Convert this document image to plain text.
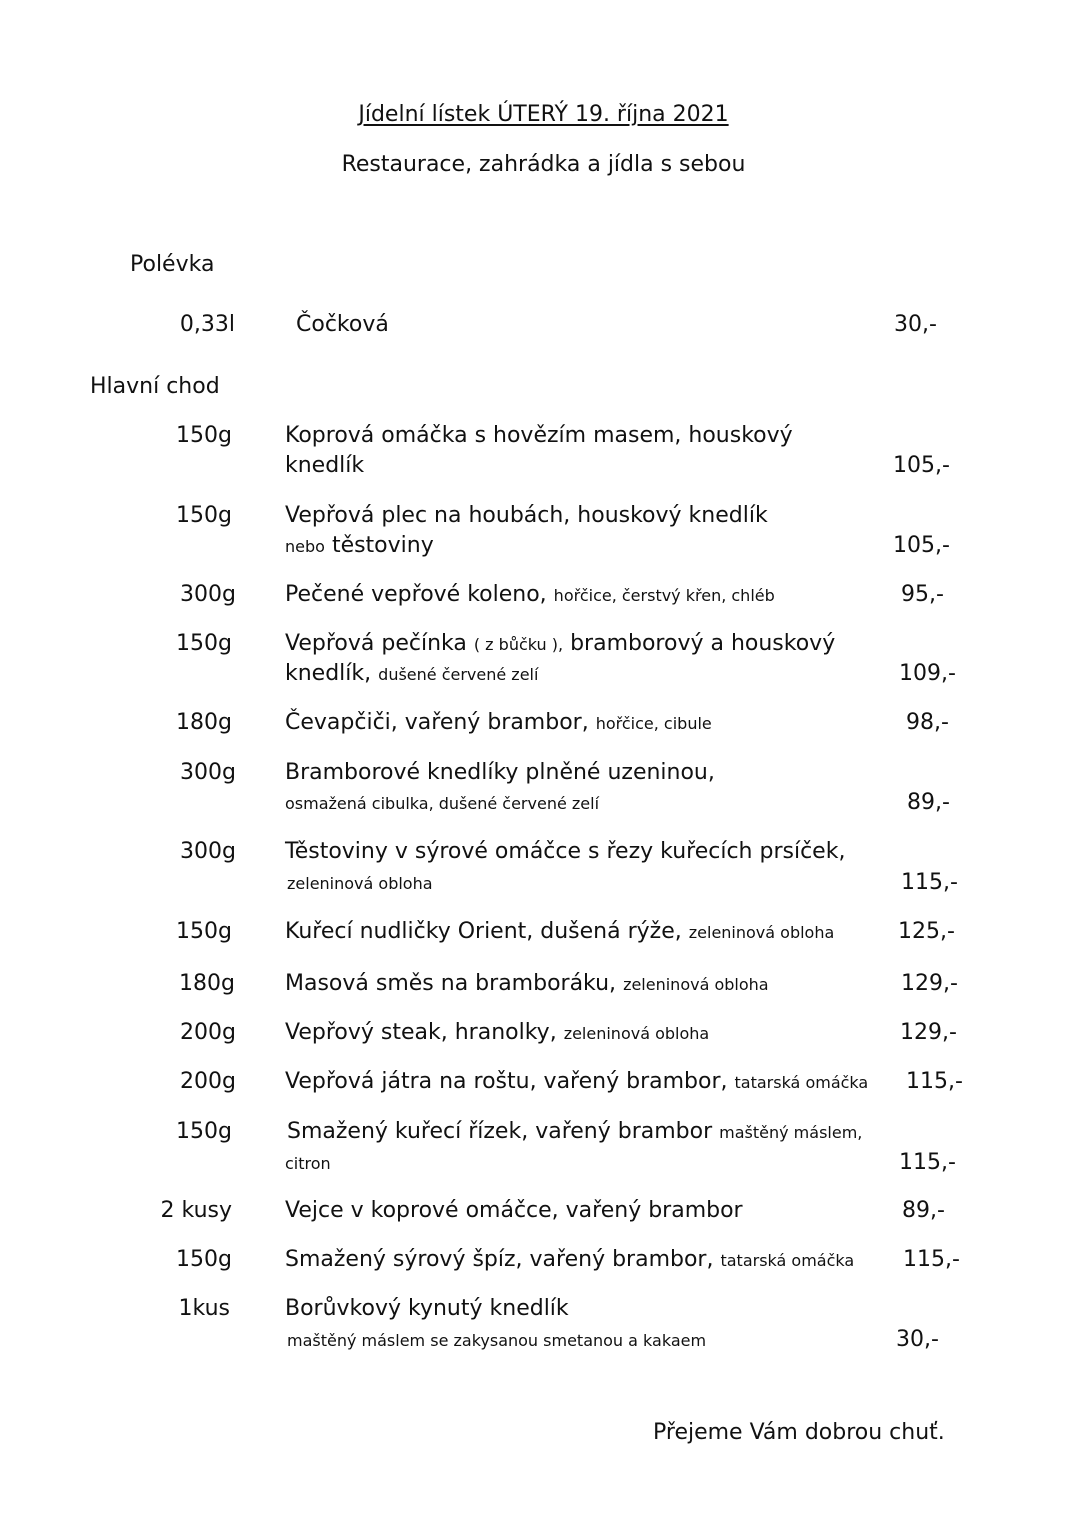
Jídelní lístek ÚTERÝ 19. října 2021
Restaurace, zahrádka a jídla s sebou
Polévka
0,33l	Čočková	30,-
Hlavní chod
150g Koprová omáčka s hovězím masem, houskový
knedlík	105,-
150g Vepřová plec na houbách, houskový knedlík
nebo těstoviny	105,-
300g Pečené vepřové koleno, hořčice, čerstvý křen, chléb	95,-
150g Vepřová pečínka ( z bůčku ), bramborový a houskový
knedlík, dušené červené zelí	109,-
180g Čevapčiči, vařený brambor, hořčice, cibule	98,-
300g Bramborové knedlíky plněné uzeninou,
osmažená cibulka, dušené červené zelí	89,-
300g Těstoviny v sýrové omáčce s řezy kuřecích prsíček,
zeleninová obloha	115,-
150g Kuřecí nudličky Orient, dušená rýže, zeleninová obloha	125,-
180g Masová směs na bramboráku, zeleninová obloha	129,-
200g Vepřový steak, hranolky, zeleninová obloha	129,-
200g Vepřová játra na roštu, vařený brambor, tatarská omáčka 115,-
150g	Smažený kuřecí řízek, vařený brambor maštěný máslem,
citron	115,-
2 kusy Vejce v koprové omáčce, vařený brambor	89,-
150g Smažený sýrový špíz, vařený brambor, tatarská omáčka 115,-
1kus	Borůvkový kynutý knedlík
maštěný máslem se zakysanou smetanou a kakaem	30,-
Přejeme Vám dobrou chuť.
